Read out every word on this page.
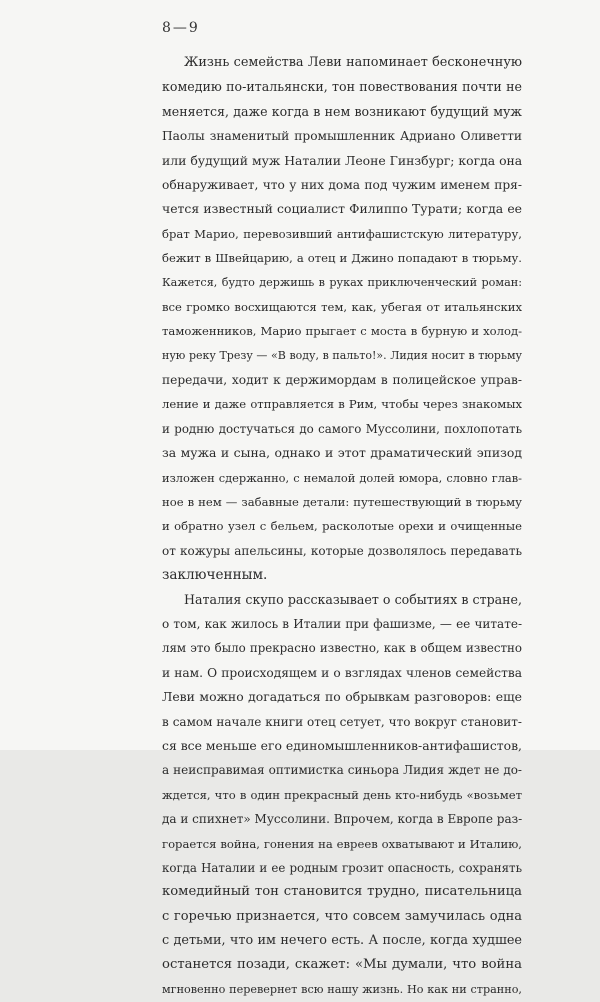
8—9
Жизнь семейства Леви напоминает бесконечную
комедию по-итальянски, тон повествования почти не
меняется, даже когда в нем возникают будущий муж
Паолы знаменитый промышленник Адриано Оливетти
или будущий муж Наталии Леоне Гинзбург; когда она
обнаруживает, что у них дома под чужим именем пря-
чется известный социалист Филиппо Турати; когда ее
брат Марио, перевозивший антифашистскую литературу,
бежит в Швейцарию, а отец и Джино попадают в тюрьму.
Кажется, будто держишь в руках приключенческий роман:
все громко восхищаются тем, как, убегая от итальянских
таможенников, Марио прыгает с моста в бурную и холод-
ную реку Трезу — «В воду, в пальто!». Лидия носит в тюрьму
передачи, ходит к держимордам в полицейское управ-
ление и даже отправляется в Рим, чтобы через знакомых
и родню достучаться до самого Муссолини, похлопотать
за мужа и сына, однако и этот драматический эпизод
изложен сдержанно, с немалой долей юмора, словно глав-
ное в нем — забавные детали: путешествующий в тюрьму
и обратно узел с бельем, расколотые орехи и очищенные
от кожуры апельсины, которые дозволялось передавать
заключенным.
Наталия скупо рассказывает о событиях в стране,
о том, как жилось в Италии при фашизме, — ее читате-
лям это было прекрасно известно, как в общем известно
и нам. О происходящем и о взглядах членов семейства
Леви можно догадаться по обрывкам разговоров: еще
в самом начале книги отец сетует, что вокруг становит-
ся все меньше его единомышленников-антифашистов,
а неисправимая оптимистка синьора Лидия ждет не до-
ждется, что в один прекрасный день кто-нибудь «возьмет
да и спихнет» Муссолини. Впрочем, когда в Европе раз-
горается война, гонения на евреев охватывают и Италию,
когда Наталии и ее родным грозит опасность, сохранять
комедийный тон становится трудно, писательница
с горечью признается, что совсем замучилась одна
с детьми, что им нечего есть. А после, когда худшее
останется позади, скажет: «Мы думали, что война
мгновенно перевернет всю нашу жизнь. Но как ни странно,
